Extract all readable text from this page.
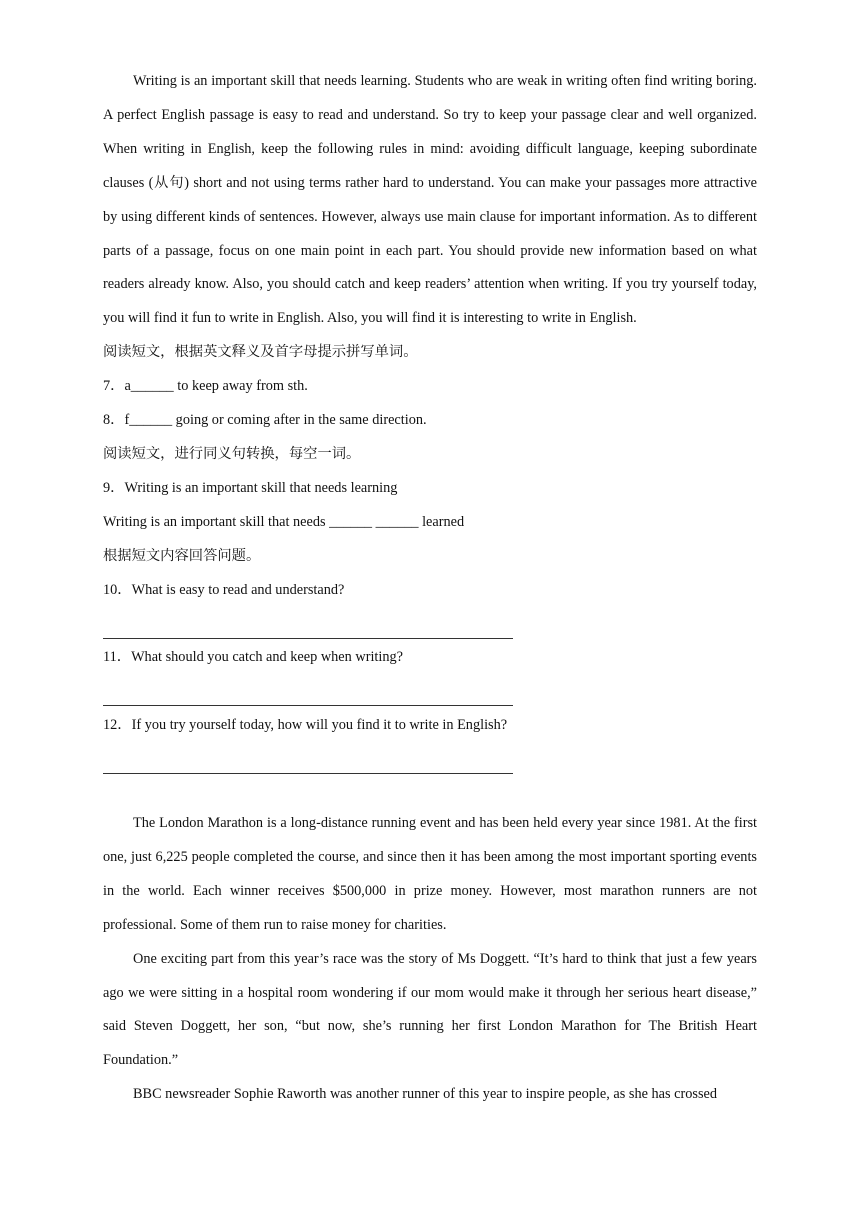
Writing is an important skill that needs learning. Students who are weak in writing often find writing boring. A perfect English passage is easy to read and understand. So try to keep your passage clear and well organized. When writing in English, keep the following rules in mind: avoiding difficult language, keeping subordinate clauses (从句) short and not using terms rather hard to understand. You can make your passages more attractive by using different kinds of sentences. However, always use main clause for important information. As to different parts of a passage, focus on one main point in each part. You should provide new information based on what readers already know. Also, you should catch and keep readers’ attention when writing. If you try yourself today, you will find it fun to write in English. Also, you will find it is interesting to write in English.

阅读短文，根据英文释义及首字母提示拼写单词。

7．a______ to keep away from sth.

8．f______ going or coming after in the same direction.

阅读短文，进行同义句转换，每空一词。

9．Writing is an important skill that needs learning

Writing is an important skill that needs ______ ______ learned

根据短文内容回答问题。

10．What is easy to read and understand?

11．What should you catch and keep when writing?

12．If you try yourself today, how will you find it to write in English?

The London Marathon is a long-distance running event and has been held every year since 1981. At the first one, just 6,225 people completed the course, and since then it has been among the most important sporting events in the world. Each winner receives $500,000 in prize money. However, most marathon runners are not professional. Some of them run to raise money for charities.

One exciting part from this year’s race was the story of Ms Doggett. “It’s hard to think that just a few years ago we were sitting in a hospital room wondering if our mom would make it through her serious heart disease,” said Steven Doggett, her son, “but now, she’s running her first London Marathon for The British Heart Foundation.”

BBC newsreader Sophie Raworth was another runner of this year to inspire people, as she has crossed
